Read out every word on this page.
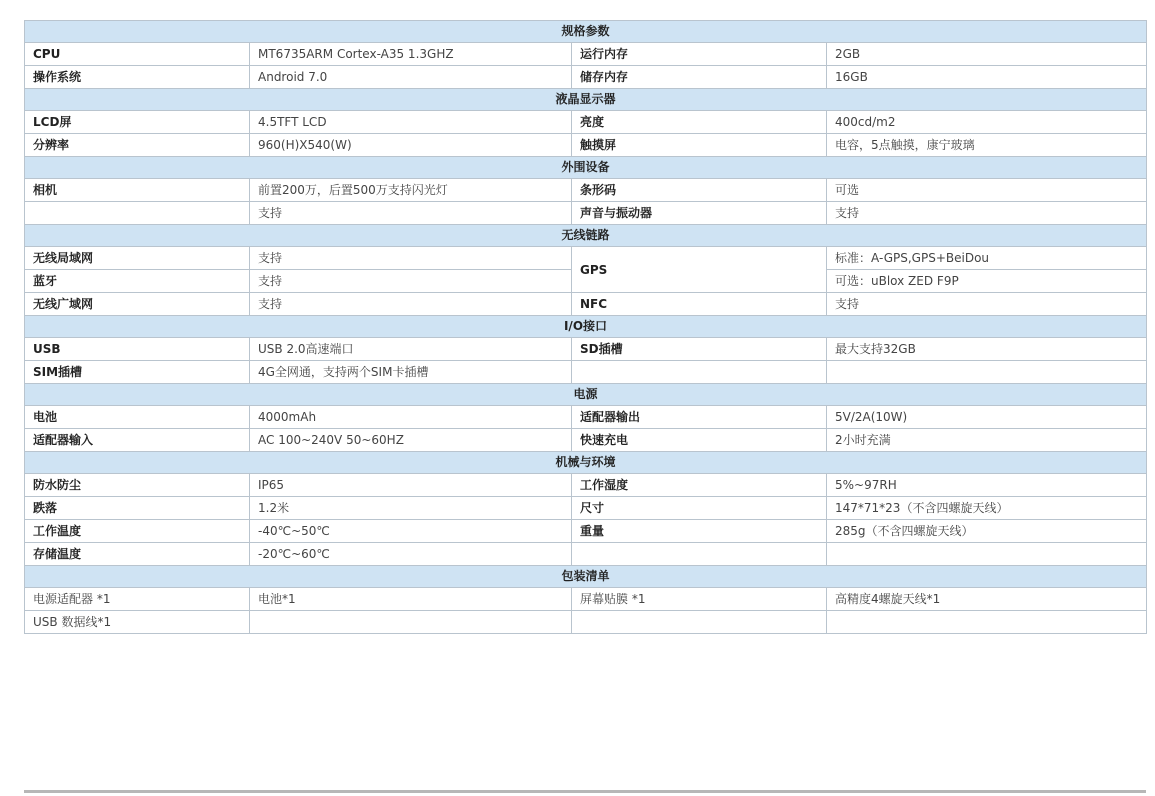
规格参数			
CPU	MT6735ARM Cortex-A35 1.3GHZ	运行内存	2GB
操作系统	Android 7.0	储存内存	16GB
液晶显示器			
LCD屏	4.5TFT LCD	亮度	400cd/m2
分辨率	960(H)X540(W)	触摸屏	电容，5点触摸，康宁玻璃
外围设备			
相机	前置200万，后置500万支持闪光灯	条形码	可选
	支持	声音与振动器	支持
无线链路			
无线局域网	支持	GPS	标准：A-GPS,GPS+BeiDou
蓝牙	支持		可选：uBlox ZED F9P
无线广域网	支持	NFC	支持
I/O接口			
USB	USB 2.0高速端口	SD插槽	最大支持32GB
SIM插槽	4G全网通，支持两个SIM卡插槽		
电源			
电池	4000mAh	适配器输出	5V/2A(10W)
适配器输入	AC 100~240V 50~60HZ	快速充电	2小时充满
机械与环境			
防水防尘	IP65	工作湿度	5%~97RH
跌落	1.2米	尺寸	147*71*23（不含四螺旋天线）
工作温度	-40℃~50℃	重量	285g（不含四螺旋天线）
存储温度	-20℃~60℃		
包装清单			
电源适配器 *1	电池*1	屏幕贴膜 *1	高精度4螺旋天线*1
USB 数据线*1			
